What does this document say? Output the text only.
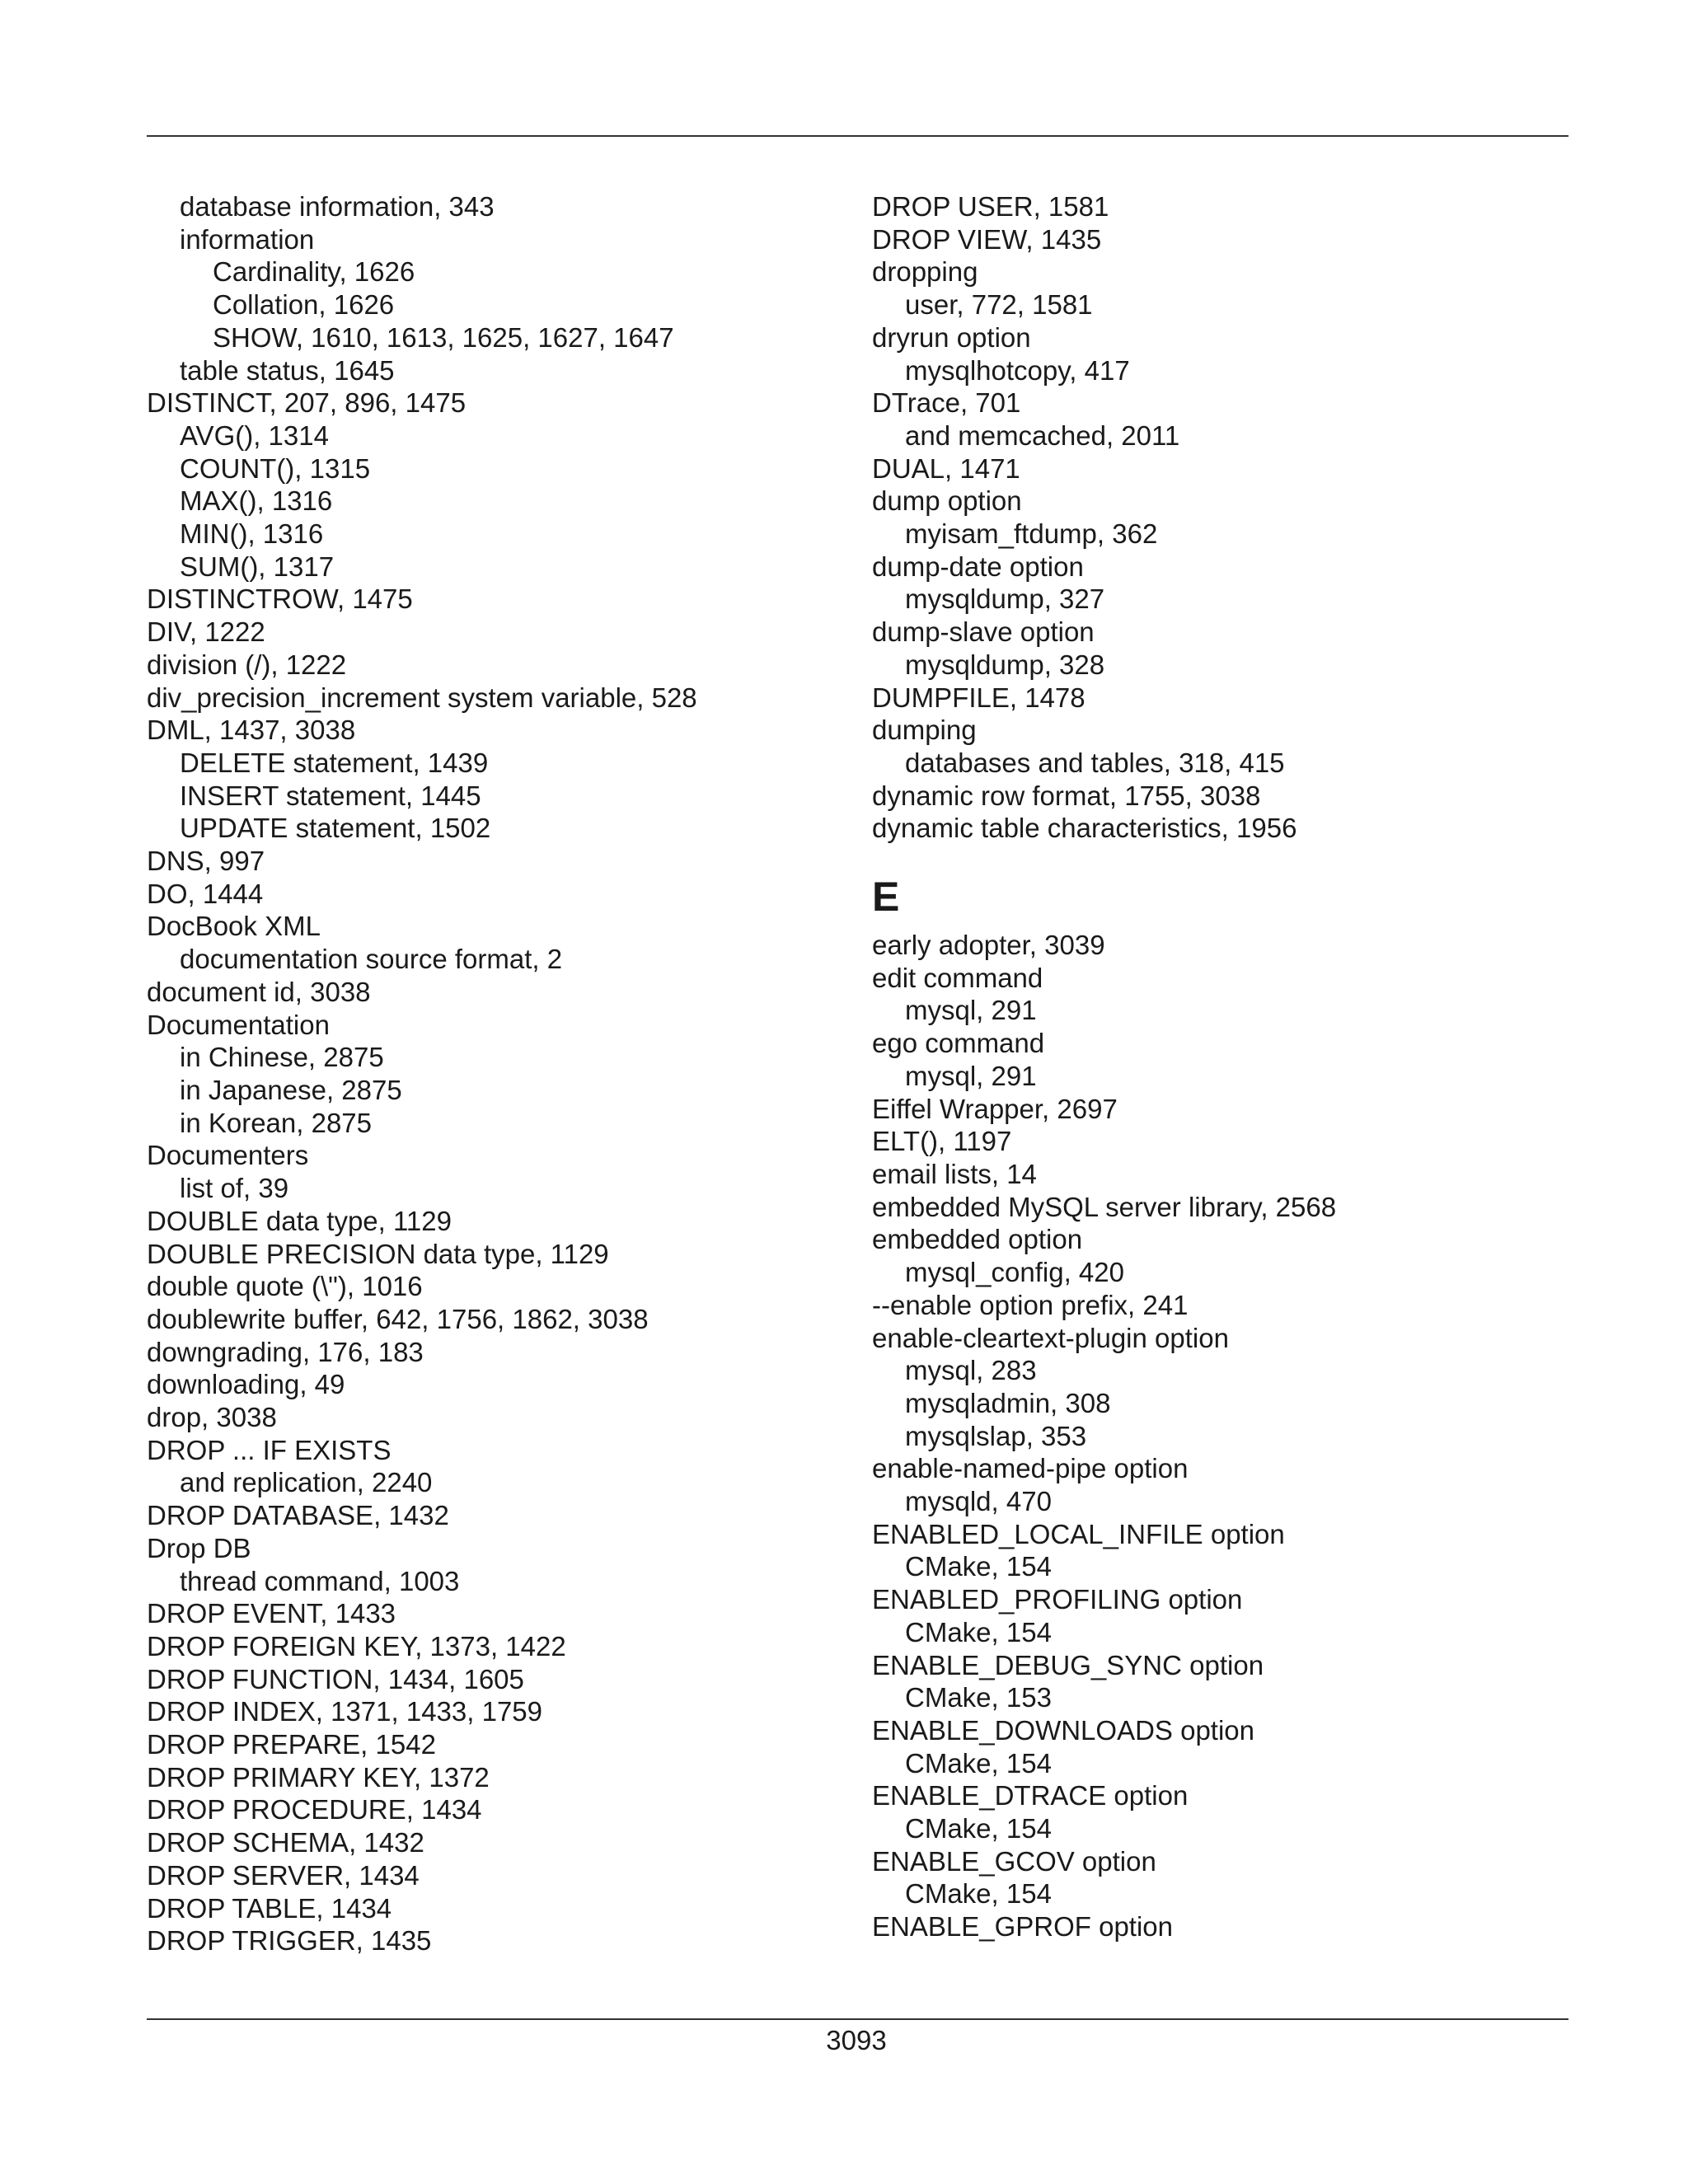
database information, 343
information
Cardinality, 1626
Collation, 1626
SHOW, 1610, 1613, 1625, 1627, 1647
table status, 1645
DISTINCT, 207, 896, 1475
AVG(), 1314
COUNT(), 1315
MAX(), 1316
MIN(), 1316
SUM(), 1317
DISTINCTROW, 1475
DIV, 1222
division (/), 1222
div_precision_increment system variable, 528
DML, 1437, 3038
DELETE statement, 1439
INSERT statement, 1445
UPDATE statement, 1502
DNS, 997
DO, 1444
DocBook XML
documentation source format, 2
document id, 3038
Documentation
in Chinese, 2875
in Japanese, 2875
in Korean, 2875
Documenters
list of, 39
DOUBLE data type, 1129
DOUBLE PRECISION data type, 1129
double quote (\"), 1016
doublewrite buffer, 642, 1756, 1862, 3038
downgrading, 176, 183
downloading, 49
drop, 3038
DROP ... IF EXISTS
and replication, 2240
DROP DATABASE, 1432
Drop DB
thread command, 1003
DROP EVENT, 1433
DROP FOREIGN KEY, 1373, 1422
DROP FUNCTION, 1434, 1605
DROP INDEX, 1371, 1433, 1759
DROP PREPARE, 1542
DROP PRIMARY KEY, 1372
DROP PROCEDURE, 1434
DROP SCHEMA, 1432
DROP SERVER, 1434
DROP TABLE, 1434
DROP TRIGGER, 1435
DROP USER, 1581
DROP VIEW, 1435
dropping
user, 772, 1581
dryrun option
mysqlhotcopy, 417
DTrace, 701
and memcached, 2011
DUAL, 1471
dump option
myisam_ftdump, 362
dump-date option
mysqldump, 327
dump-slave option
mysqldump, 328
DUMPFILE, 1478
dumping
databases and tables, 318, 415
dynamic row format, 1755, 3038
dynamic table characteristics, 1956
E
early adopter, 3039
edit command
mysql, 291
ego command
mysql, 291
Eiffel Wrapper, 2697
ELT(), 1197
email lists, 14
embedded MySQL server library, 2568
embedded option
mysql_config, 420
--enable option prefix, 241
enable-cleartext-plugin option
mysql, 283
mysqladmin, 308
mysqlslap, 353
enable-named-pipe option
mysqld, 470
ENABLED_LOCAL_INFILE option
CMake, 154
ENABLED_PROFILING option
CMake, 154
ENABLE_DEBUG_SYNC option
CMake, 153
ENABLE_DOWNLOADS option
CMake, 154
ENABLE_DTRACE option
CMake, 154
ENABLE_GCOV option
CMake, 154
ENABLE_GPROF option
3093
